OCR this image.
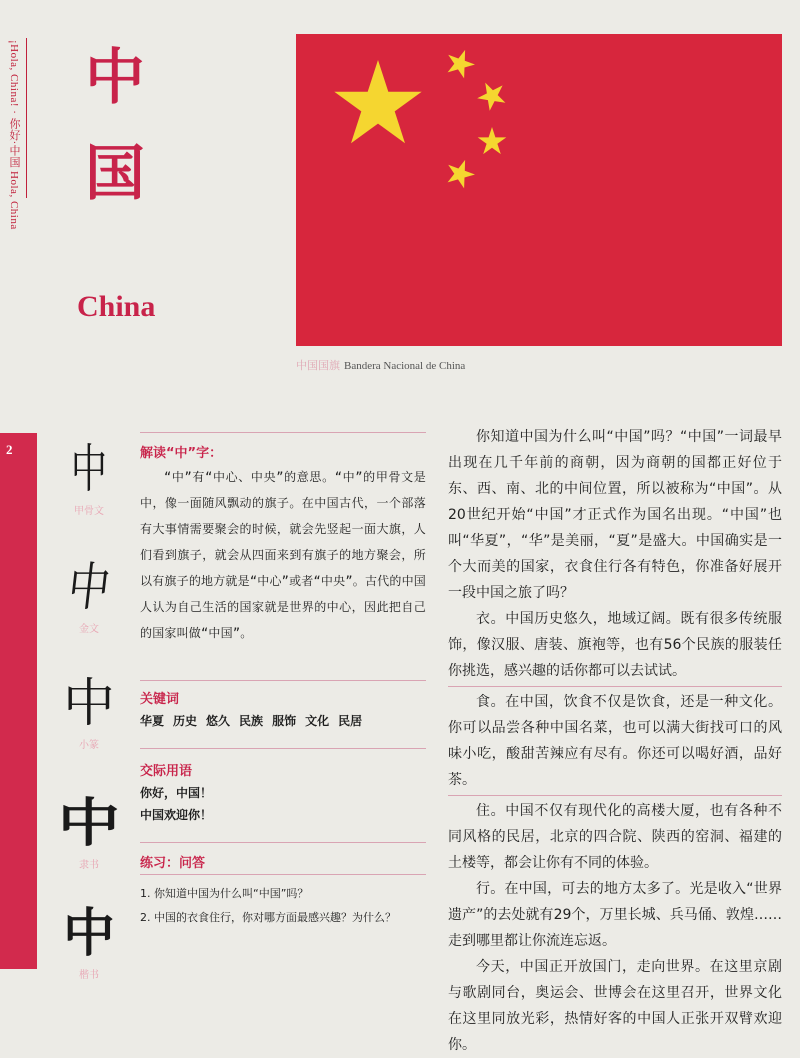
¡Hola, China! · 你好·中国 Hola, China 中
国
China
中国国旗 Bandera Nacional de China
2	中
甲骨文
中
金文
中
小篆
中
隶书
中
楷书
解读“中”字：

“中”有“中心、中央”的意思。“中”的甲骨文是中，像一面随风飘动的旗子。在中国古代，一个部落有大事情需要聚会的时候，就会先竖起一面大旗，人们看到旗子，就会从四面来到有旗子的地方聚会，所以有旗子的地方就是“中心”或者“中央”。古代的中国人认为自己生活的国家就是世界的中心，因此把自己的国家叫做“中国”。

关键词
华夏 历史 悠久 民族 服饰 文化 民居
交际用语
你好，中国！
中国欢迎你！
练习：问答
1. 你知道中国为什么叫“中国”吗？
2. 中国的衣食住行，你对哪方面最感兴趣？为什么？

你知道中国为什么叫“中国”吗？“中国”一词最早出现在几千年前的商朝，因为商朝的国都正好位于东、西、南、北的中间位置，所以被称为“中国”。从20世纪开始“中国”才正式作为国名出现。“中国”也叫“华夏”，“华”是美丽，“夏”是盛大。中国确实是一个大而美的国家，衣食住行各有特色，你准备好展开一段中国之旅了吗？

衣。中国历史悠久，地域辽阔。既有很多传统服饰，像汉服、唐装、旗袍等，也有56个民族的服装任你挑选，感兴趣的话你都可以去试试。

食。在中国，饮食不仅是饮食，还是一种文化。你可以品尝各种中国名菜，也可以满大街找可口的风味小吃，酸甜苦辣应有尽有。你还可以喝好酒，品好茶。

住。中国不仅有现代化的高楼大厦，也有各种不同风格的民居，北京的四合院、陕西的窑洞、福建的土楼等，都会让你有不同的体验。

行。在中国，可去的地方太多了。光是收入“世界遗产”的去处就有29个，万里长城、兵马俑、敦煌……走到哪里都让你流连忘返。

今天，中国正开放国门，走向世界。在这里京剧与歌剧同台，奥运会、世博会在这里召开，世界文化在这里同放光彩，热情好客的中国人正张开双臂欢迎你。
